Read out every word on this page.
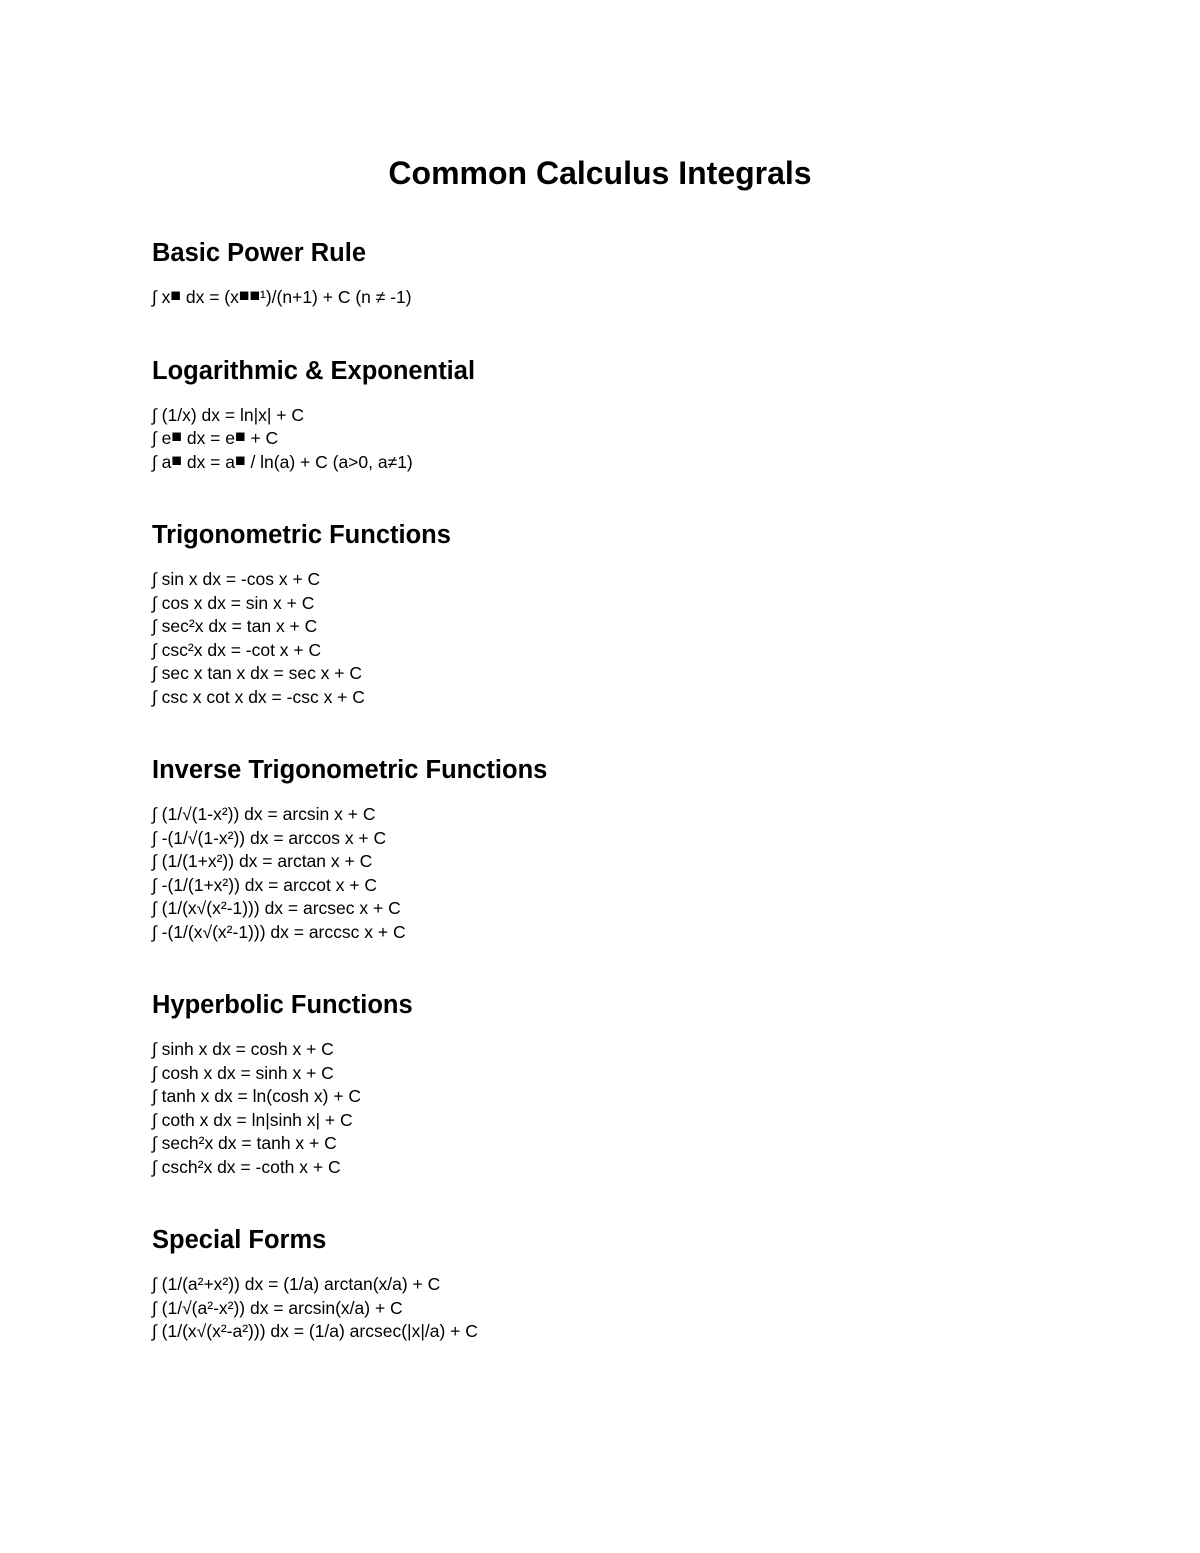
Common Calculus Integrals
Basic Power Rule
∫ x■ dx = (x■■¹)/(n+1) + C (n ≠ -1)
Logarithmic & Exponential
∫ (1/x) dx = ln|x| + C
∫ e■ dx = e■ + C
∫ a■ dx = a■ / ln(a) + C (a>0, a≠1)
Trigonometric Functions
∫ sin x dx = -cos x + C
∫ cos x dx = sin x + C
∫ sec²x dx = tan x + C
∫ csc²x dx = -cot x + C
∫ sec x tan x dx = sec x + C
∫ csc x cot x dx = -csc x + C
Inverse Trigonometric Functions
∫ (1/√(1-x²)) dx = arcsin x + C
∫ -(1/√(1-x²)) dx = arccos x + C
∫ (1/(1+x²)) dx = arctan x + C
∫ -(1/(1+x²)) dx = arccot x + C
∫ (1/(x√(x²-1))) dx = arcsec x + C
∫ -(1/(x√(x²-1))) dx = arccsc x + C
Hyperbolic Functions
∫ sinh x dx = cosh x + C
∫ cosh x dx = sinh x + C
∫ tanh x dx = ln(cosh x) + C
∫ coth x dx = ln|sinh x| + C
∫ sech²x dx = tanh x + C
∫ csch²x dx = -coth x + C
Special Forms
∫ (1/(a²+x²)) dx = (1/a) arctan(x/a) + C
∫ (1/√(a²-x²)) dx = arcsin(x/a) + C
∫ (1/(x√(x²-a²))) dx = (1/a) arcsec(|x|/a) + C
